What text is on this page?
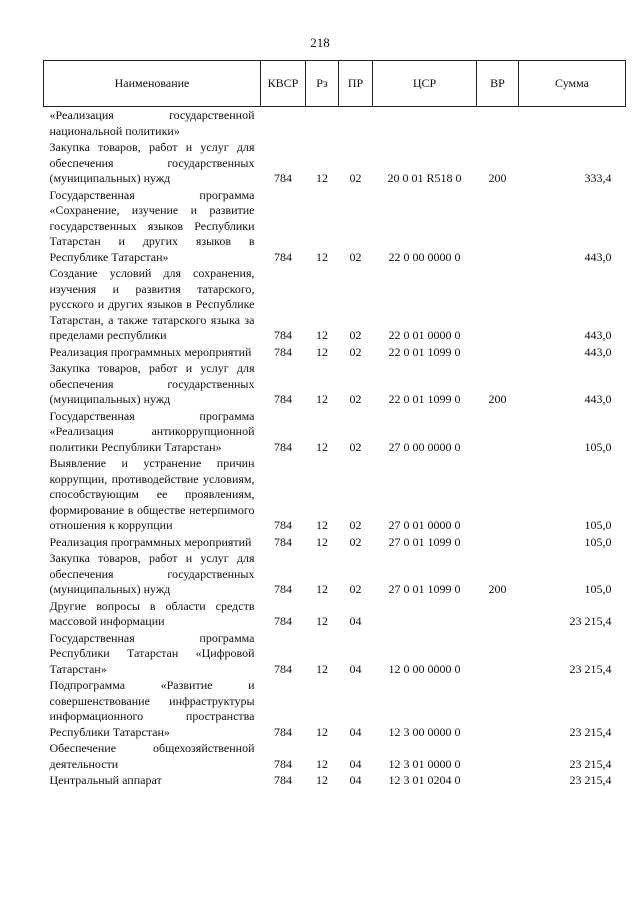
218
Наименование	КВСР	Рз	ПР	ЦСР	ВР	Сумма
«Реализация государственной национальной политики»						
Закупка товаров, работ и услуг для обеспечения государственных (муниципальных) нужд	784	12	02	20 0 01 R518 0	200	333,4
Государственная программа «Сохранение, изучение и развитие государственных языков Республики Татарстан и других языков в Республике Татарстан»	784	12	02	22 0 00 0000 0		443,0
Создание условий для сохранения, изучения и развития татарского, русского и других языков в Республике Татарстан, а также татарского языка за пределами республики	784	12	02	22 0 01 0000 0		443,0
Реализация программных мероприятий	784	12	02	22 0 01 1099 0		443,0
Закупка товаров, работ и услуг для обеспечения государственных (муниципальных) нужд	784	12	02	22 0 01 1099 0	200	443,0
Государственная программа «Реализация антикоррупционной политики Республики Татарстан»	784	12	02	27 0 00 0000 0		105,0
Выявление и устранение причин коррупции, противодействие условиям, способствующим ее проявлениям, формирование в обществе нетерпимого отношения к коррупции	784	12	02	27 0 01 0000 0		105,0
Реализация программных мероприятий	784	12	02	27 0 01 1099 0		105,0
Закупка товаров, работ и услуг для обеспечения государственных (муниципальных) нужд	784	12	02	27 0 01 1099 0	200	105,0
Другие вопросы в области средств массовой информации	784	12	04			23 215,4
Государственная программа Республики Татарстан «Цифровой Татарстан»	784	12	04	12 0 00 0000 0		23 215,4
Подпрограмма «Развитие и совершенствование инфраструктуры информационного пространства Республики Татарстан»	784	12	04	12 3 00 0000 0		23 215,4
Обеспечение общехозяйственной деятельности	784	12	04	12 3 01 0000 0		23 215,4
Центральный аппарат	784	12	04	12 3 01 0204 0		23 215,4
